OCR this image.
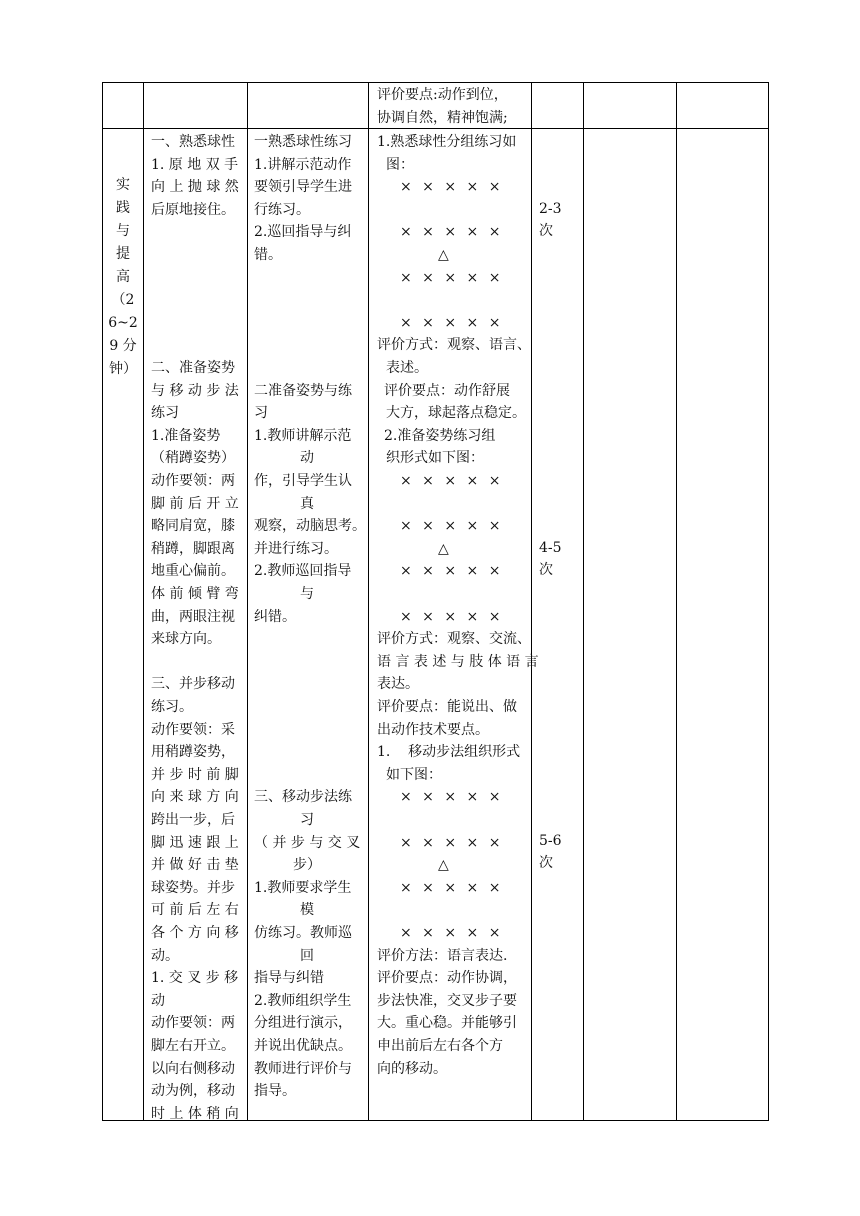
评价要点:动作到位，
协调自然，精神饱满;
实
践
与
提
高
（2
6~2
9 分
钟）
一、熟悉球性
1. 原 地 双 手
向 上 抛 球 然
后原地接住。
二、准备姿势
与 移 动 步 法
练习
1.准备姿势
（稍蹲姿势）
动作要领：两
脚 前 后 开 立
略同肩宽，膝
稍蹲，脚跟离
地重心偏前。
体 前 倾 臂 弯
曲，两眼注视
来球方向。
三、并步移动
练习。
动作要领：采
用稍蹲姿势，
并 步 时 前 脚
向 来 球 方 向
跨出一步，后
脚 迅 速 跟 上
并 做 好 击 垫
球姿势。并步
可 前 后 左 右
各 个 方 向 移
动。
1. 交 叉 步 移
动
动作要领：两
脚左右开立。
以向右侧移动
动为例，移动
时 上 体 稍 向
一熟悉球性练习
1.讲解示范动作
要领引导学生进
行练习。
2.巡回指导与纠
错。
二准备姿势与练
习
1.教师讲解示范
动
作，引导学生认
真
观察，动脑思考。
并进行练习。
2.教师巡回指导
与
纠错。
三、移动步法练
习
（ 并 步 与 交 叉
步）
1.教师要求学生
模
仿练习。教师巡
回
指导与纠错
2.教师组织学生
分组进行演示，
并说出优缺点。
教师进行评价与
指导。
1.熟悉球性分组练习如
图：
× × × × ×
× × × × ×
△
× × × × ×
× × × × ×
评价方式：观察、语言、
表述。
评价要点：动作舒展
大方，球起落点稳定。
2.准备姿势练习组
织形式如下图：
× × × × ×
× × × × ×
△
× × × × ×
× × × × ×
评价方式：观察、交流、
语 言 表 述 与 肢 体 语 言
表达。
评价要点：能说出、做
出动作技术要点。
1.    移动步法组织形式
如下图：
× × × × ×
× × × × ×
△
× × × × ×
× × × × ×
评价方法：语言表达.
评价要点：动作协调，
步法快准，交叉步子要
大。重心稳。并能够引
申出前后左右各个方
向的移动。
2-3
次
4-5
次
5-6
次
